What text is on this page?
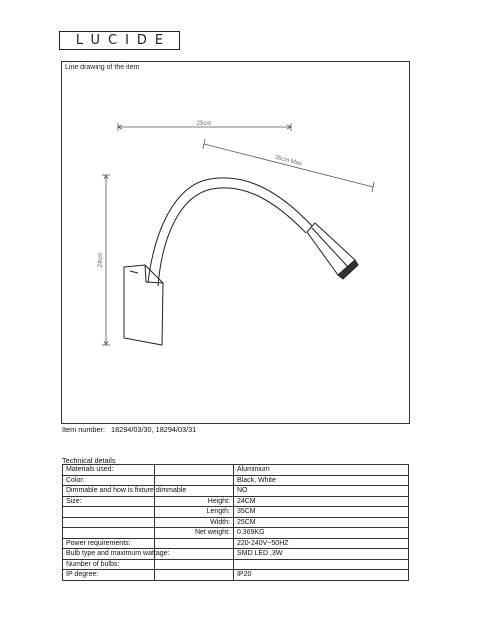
LUCIDE
Line drawing of the item
25cm
35cm Max
24cm
Item number: 18294/03/30, 18294/03/31
Technical details
Materials used:		Aluminium
Color:		Black, White
Dimmable and how is fixture dimmable		NO
Size:	Height:	24CM
	Length:	35CM
	Width:	25CM
	Net weight:	0.369KG
Power requirements:		220-240V~50HZ
Bulb type and maximum wattage:		SMD LED ,3W
Number of bulbs:		
IP degree:		IP20
